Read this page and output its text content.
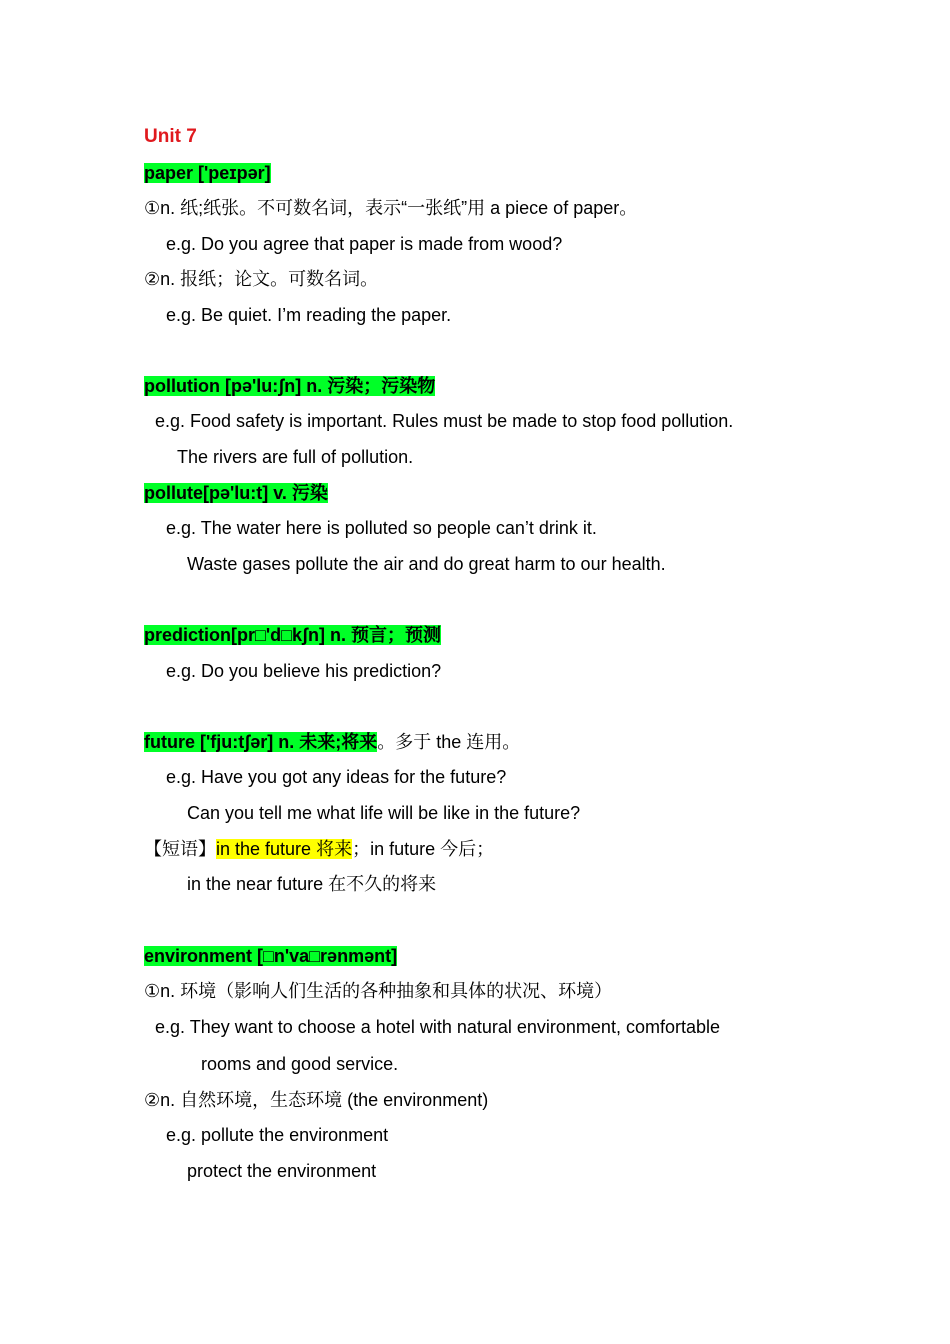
Unit 7
paper ['peɪpər]
①n. 纸;纸张。不可数名词，表示“一张纸”用 a piece of paper。
e.g. Do you agree that paper is made from wood?
②n. 报纸；论文。可数名词。
e.g. Be quiet. I’m reading the paper.
pollution [pə'lu:ʃn] n. 污染；污染物
e.g. Food safety is important. Rules must be made to stop food pollution.
The rivers are full of pollution.
pollute[pə'lu:t] v. 污染
e.g. The water here is polluted so people can’t drink it.
Waste gases pollute the air and do great harm to our health.
prediction[pr□'d□kʃn] n. 预言；预测
e.g. Do you believe his prediction?
future ['fju:tʃər] n. 未来;将来。多于 the 连用。
e.g. Have you got any ideas for the future?
Can you tell me what life will be like in the future?
【短语】in the future 将来；in future 今后；
in the near future 在不久的将来
environment [□n'va□rənmənt]
①n. 环境（影响人们生活的各种抽象和具体的状况、环境）
e.g. They want to choose a hotel with natural environment, comfortable
rooms and good service.
②n. 自然环境，生态环境 (the environment)
e.g. pollute the environment
protect the environment
